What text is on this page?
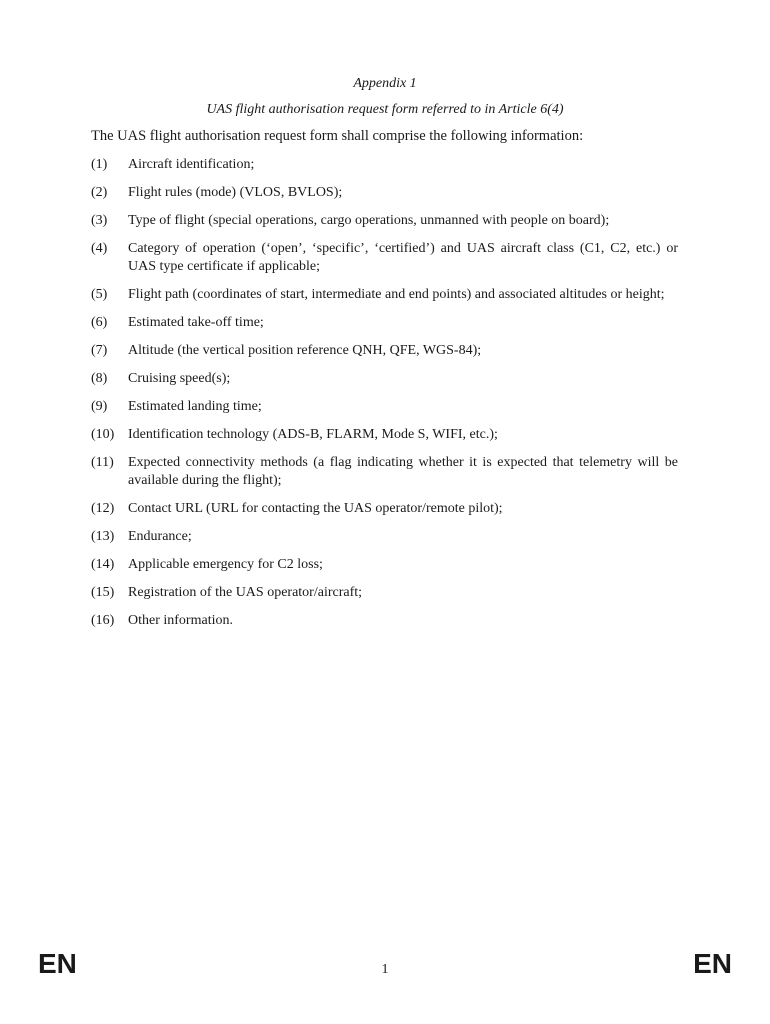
Appendix 1
UAS flight authorisation request form referred to in Article 6(4)
The UAS flight authorisation request form shall comprise the following information:
(1)	Aircraft identification;
(2)	Flight rules (mode) (VLOS, BVLOS);
(3)	Type of flight (special operations, cargo operations, unmanned with people on board);
(4)	Category of operation (‘open’, ‘specific’, ‘certified’) and UAS aircraft class (C1, C2, etc.) or UAS type certificate if applicable;
(5)	Flight path (coordinates of start, intermediate and end points) and associated altitudes or height;
(6)	Estimated take-off time;
(7)	Altitude (the vertical position reference QNH, QFE, WGS-84);
(8)	Cruising speed(s);
(9)	Estimated landing time;
(10) Identification technology (ADS-B, FLARM, Mode S, WIFI, etc.);
(11)	Expected connectivity methods (a flag indicating whether it is expected that telemetry will be available during the flight);
(12) Contact URL (URL for contacting the UAS operator/remote pilot);
(13) Endurance;
(14) Applicable emergency for C2 loss;
(15) Registration of the UAS operator/aircraft;
(16) Other information.
EN	1	EN
